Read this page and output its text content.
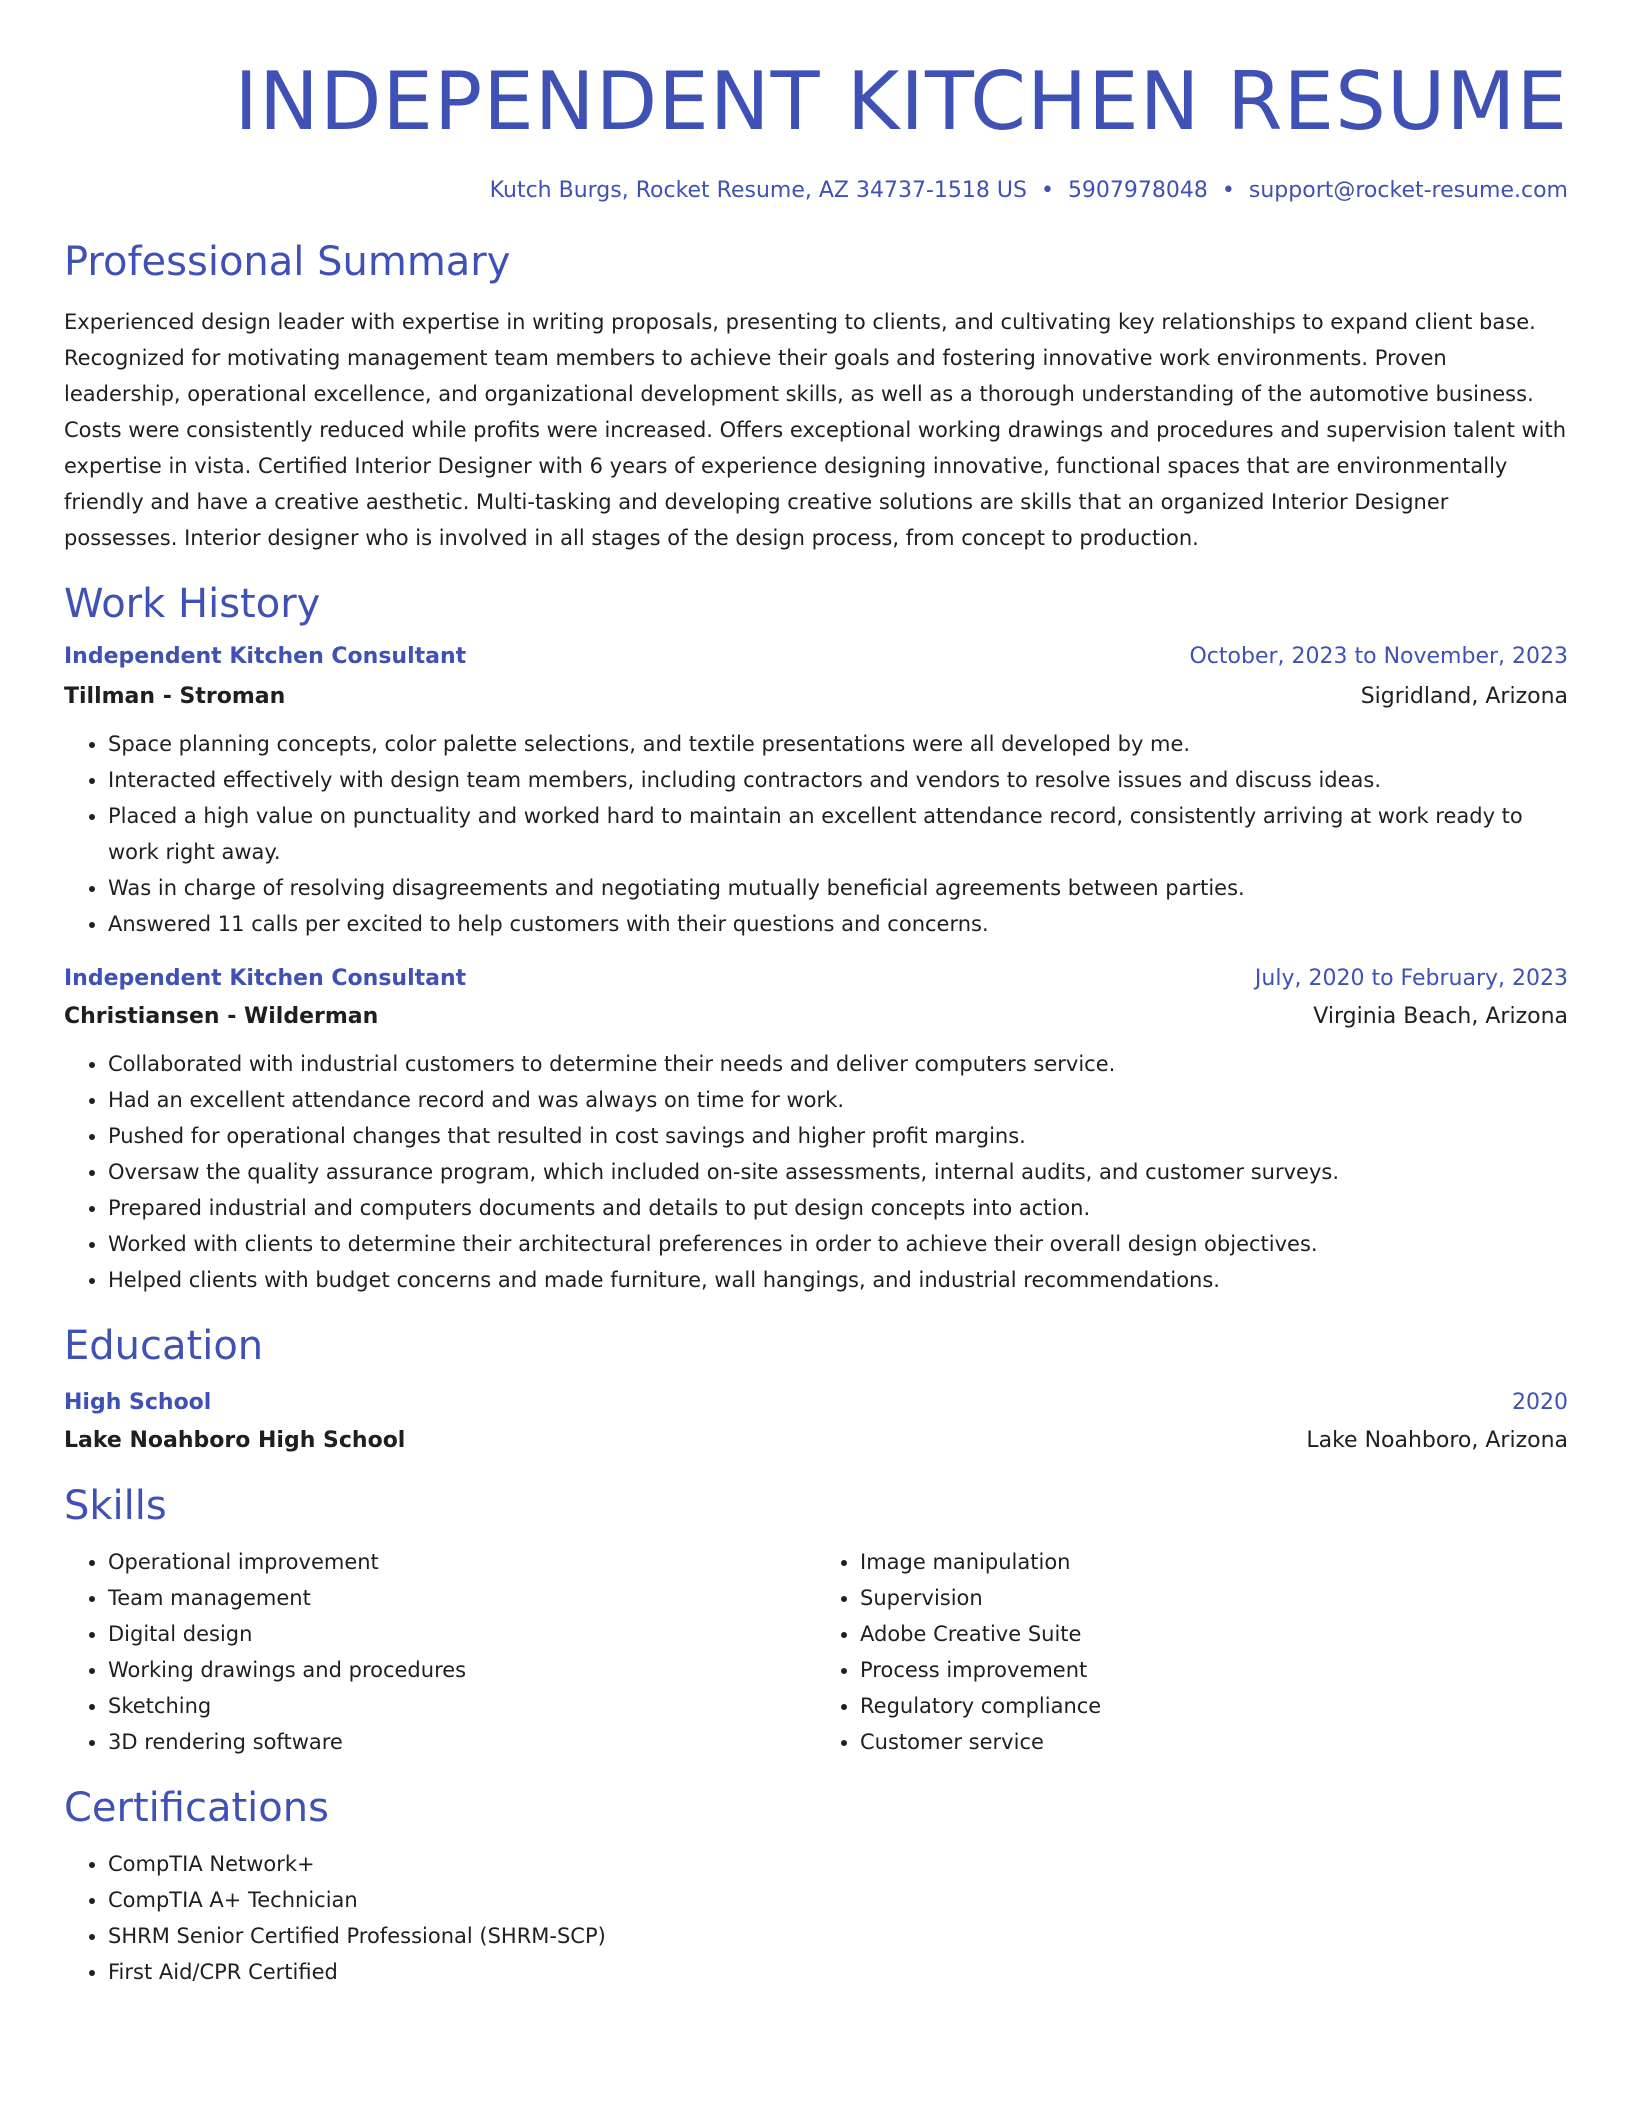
INDEPENDENT KITCHEN RESUME
Kutch Burgs, Rocket Resume, AZ 34737-1518 US • 5907978048 • support@rocket-resume.com
Professional Summary
Experienced design leader with expertise in writing proposals, presenting to clients, and cultivating key relationships to expand client base. Recognized for motivating management team members to achieve their goals and fostering innovative work environments. Proven leadership, operational excellence, and organizational development skills, as well as a thorough understanding of the automotive business. Costs were consistently reduced while profits were increased. Offers exceptional working drawings and procedures and supervision talent with expertise in vista. Certified Interior Designer with 6 years of experience designing innovative, functional spaces that are environmentally friendly and have a creative aesthetic. Multi-tasking and developing creative solutions are skills that an organized Interior Designer possesses. Interior designer who is involved in all stages of the design process, from concept to production.
Work History
Independent Kitchen Consultant	October, 2023 to November, 2023
Tillman - Stroman	Sigridland, Arizona
• Space planning concepts, color palette selections, and textile presentations were all developed by me.
• Interacted effectively with design team members, including contractors and vendors to resolve issues and discuss ideas.
• Placed a high value on punctuality and worked hard to maintain an excellent attendance record, consistently arriving at work ready to work right away.
• Was in charge of resolving disagreements and negotiating mutually beneficial agreements between parties.
• Answered 11 calls per excited to help customers with their questions and concerns.
Independent Kitchen Consultant	July, 2020 to February, 2023
Christiansen - Wilderman	Virginia Beach, Arizona
• Collaborated with industrial customers to determine their needs and deliver computers service.
• Had an excellent attendance record and was always on time for work.
• Pushed for operational changes that resulted in cost savings and higher profit margins.
• Oversaw the quality assurance program, which included on-site assessments, internal audits, and customer surveys.
• Prepared industrial and computers documents and details to put design concepts into action.
• Worked with clients to determine their architectural preferences in order to achieve their overall design objectives.
• Helped clients with budget concerns and made furniture, wall hangings, and industrial recommendations.
Education
High School	2020
Lake Noahboro High School	Lake Noahboro, Arizona
Skills
• Operational improvement
• Team management
• Digital design
• Working drawings and procedures
• Sketching
• 3D rendering software
• Image manipulation
• Supervision
• Adobe Creative Suite
• Process improvement
• Regulatory compliance
• Customer service
Certifications
• CompTIA Network+
• CompTIA A+ Technician
• SHRM Senior Certified Professional (SHRM-SCP)
• First Aid/CPR Certified
